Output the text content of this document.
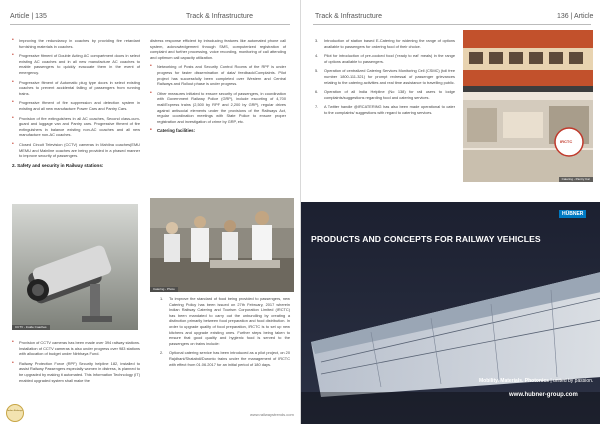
Article | 135	Track & Infrastructure
• Improving the redundancy in coaches by providing fire retardant furnishing materials in coaches.
• Progressive fitment of Double Acting AC compartment doors in select existing AC coaches and in all new manufacture AC coaches to enable passengers to quickly evacuate them in the event of emergency.
• Progressive fitment of Automatic plug type doors in select existing coaches to prevent accidental falling of passengers from running trains.
• Progressive fitment of fire suppression and detection system in existing and all new manufacture Power Cars and Pantry Cars.
• Provision of fire extinguishers in all AC coaches, Second class-cum-guard and luggage van and Pantry cars. Progressive fitment of fire extinguishers in balance existing non-AC coaches and all new manufacture non-AC coaches.
• Closed Circuit Television (CCTV) cameras in Mahilna coaches(EMU MEMU and Mainline coaches are being provided in a phased manner to improve security of passengers.
2. Safety and security in Railway stations:

distress response efficient by introducing features like automated phone call system, acknowledgement through SMS, computerized registration of complaint and further processing, voice recording, monitoring of call attending and optimum call capacity utilization.

• Networking of Posts and Security Control Rooms of the RPF is under progress for faster dissemination of data/ feedback/Complaints. Pilot project has successfully been completed over Western and Central Railways and Rollout phase is under progress.
• Other measures initiated to ensure security of passengers, in coordination with Government Railway Police (GRP), include escorting of 4,700 mail/Express trains (2,500 by RPF and 2,200 by GRP), regular drives against antisocial elements under the provisions of the Railways Act, regular coordination meetings with State Police to ensure proper registration and investigation of crime by GRP, etc.
• Catering facilities:
Catering - Photo
CCTV - Inside Coaches
• Provision of CCTV cameras has been made over 394 railway stations. Installation of CCTV cameras is also under progress over 983 stations with allocation of budget under Nirbhaya Fund.
• Railway Protection Force (RPF) Security helpline 182, installed to assist Railway Passengers especially women in distress, is planned to be upgraded by making it automated. This Information Technology (IT) enabled upgraded system shall make the
1. To improve the standard of food being provided to passengers, new Catering Policy has been issued on 27th February, 2017 wherein Indian Railway Catering and Tourism Corporation Limited (IRCTC) has been mandated to carry out the unbundling by creating a distinction primarily between food preparation and food distribution. In order to upgrade quality of food preparation, IRCTC is to set up new kitchens and upgrade existing ones. Further steps being taken to ensure that good quality and hygienic food is served to the passengers on trains include:
2. Optional catering service has been introduced as a pilot project, on 20 Rajdhani/Shatabdi/Duronto trains under the management of IRCTC with effect from 01.06.2017 for an initial period of 180 days.
Indian Railways
www.railwaystrends.com
Track & Infrastructure	136 | Article
3. Introduction of station based E-Catering for widening the range of options available to passengers for ordering food of their choice.
4. Pilot for introduction of pre-cooked food ('ready to eat' meals) in the range of options available to passengers.
5. Operation of centralized Catering Services Monitoring Cell (CSMC) (toll free number 1800-111-321) for prompt redressal of passenger grievances relating to the catering activities and real time assistance to travelling public.
6. Operation of all India Helpline (No 138) for rail users to lodge complaints/suggestions regarding food and catering services.
7. A Twitter handle @IRCATERING has also been made operational to cater to the complaints/ suggestions with regard to catering services.
IRCTC
Catering - Pantry Car
PRODUCTS AND CONCEPTS FOR RAILWAY VEHICLES
Mobility. Materials. Photonics | united by passion.
www.hubner-group.com
HÜBNER
